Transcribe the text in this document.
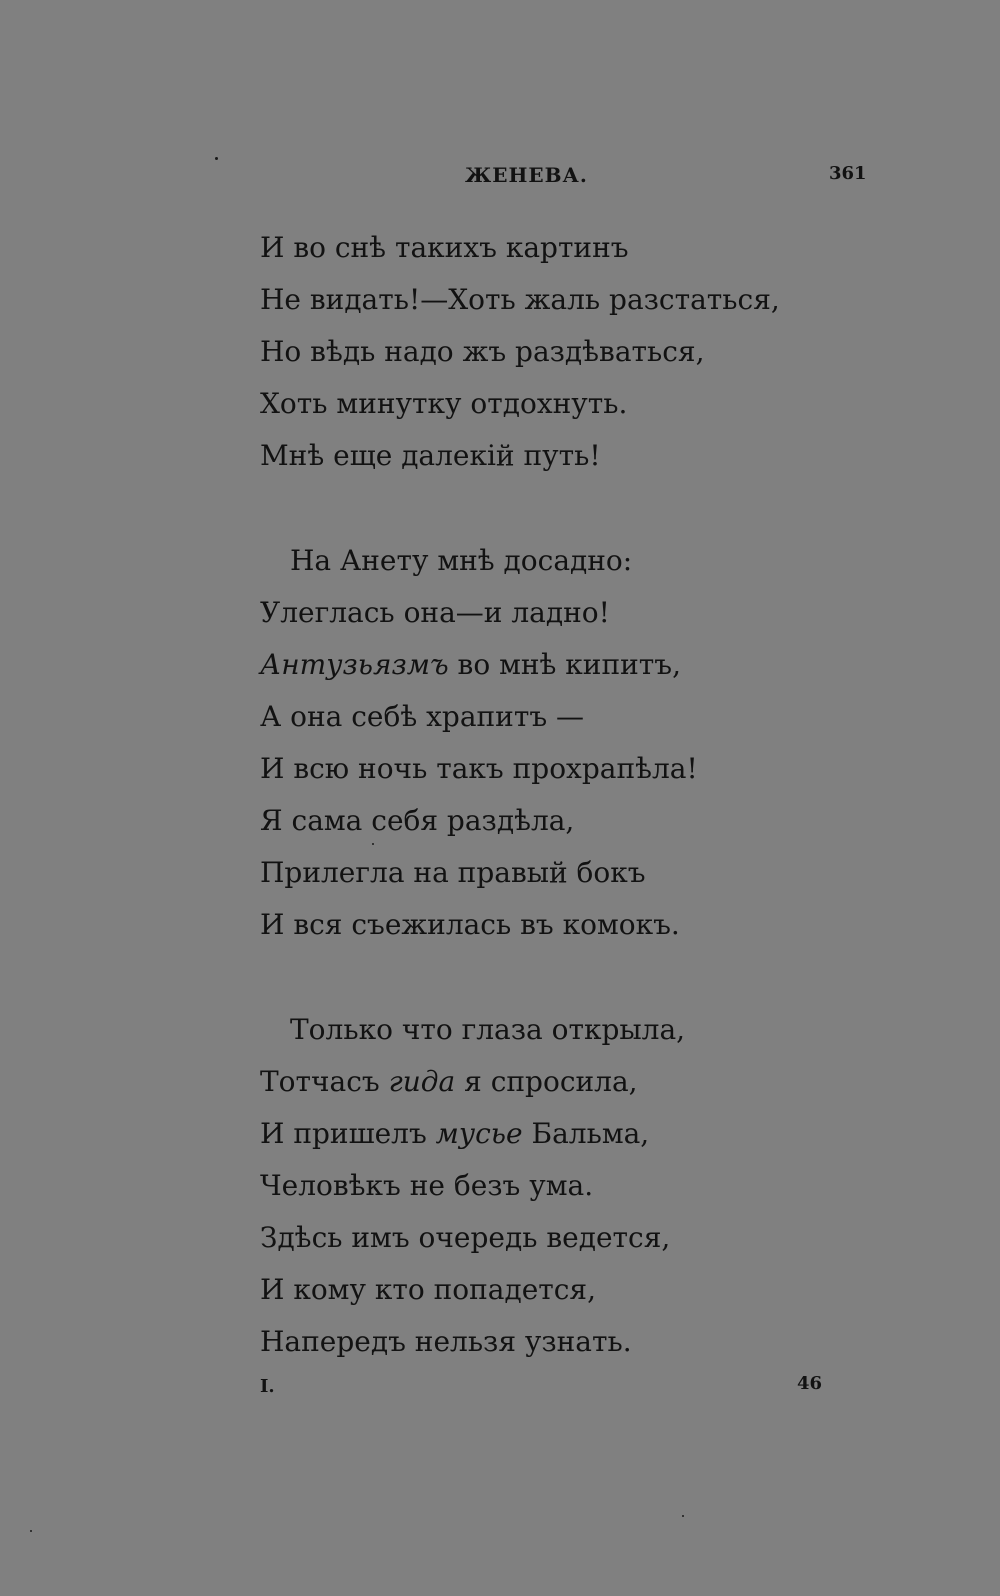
ЖЕНЕВА.	361
И во снѣ такихъ картинъ
Не видать!—Хоть жаль разстаться,
Но вѣдь надо жъ раздѣваться,
Хоть минутку отдохнуть.
Мнѣ еще далекій путь!
На Анету мнѣ досадно:
Улеглась она—и ладно!
Антузьязмъ во мнѣ кипитъ,
А она себѣ храпитъ —
И всю ночь такъ прохрапѣла!
Я сама себя раздѣла,
Прилегла на правый бокъ
И вся съежилась въ комокъ.
Только что глаза открыла,
Тотчасъ гида я спросила,
И пришелъ мусье Бальма,
Человѣкъ не безъ ума.
Здѣсь имъ очередь ведется,
И кому кто попадется,
Напередъ нельзя узнать.
I.	46
